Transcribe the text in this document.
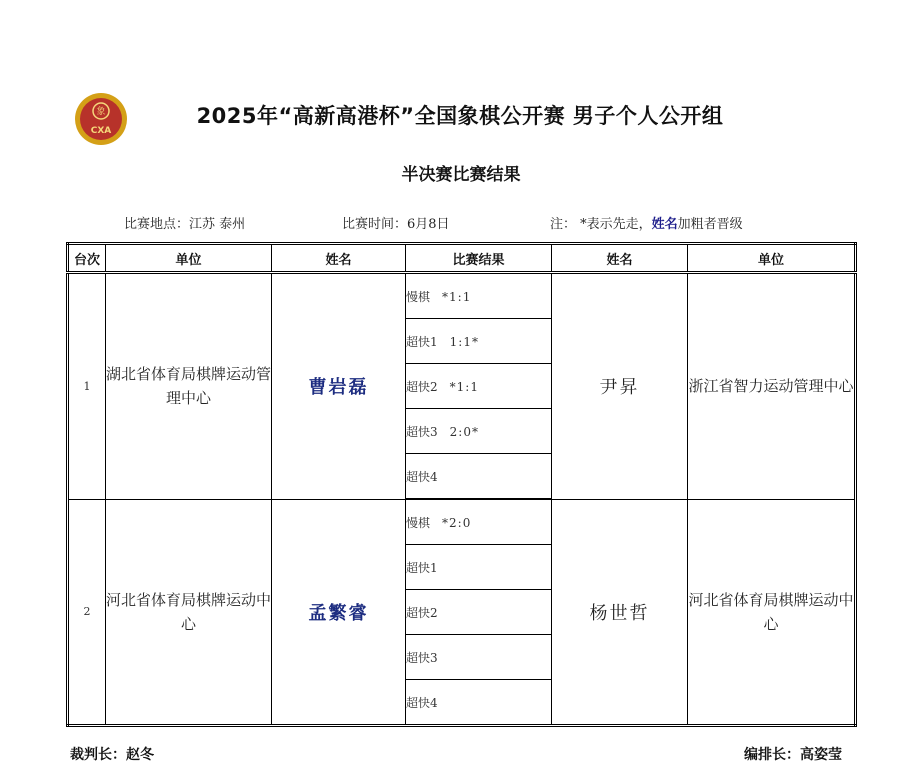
象
CXA
2025年“高新高港杯”全国象棋公开赛 男子个人公开组
半决赛比赛结果
比赛地点：江苏 泰州	比赛时间：6月8日	注： *表示先走，姓名加粗者晋级
台次	单位	姓名	比赛结果	姓名	单位
1	湖北省体育局棋牌运动管理中心	曹岩磊	慢棋 *1:1	尹昇	浙江省智力运动管理中心
			超快1 1:1*		
			超快2 *1:1		
			超快3 2:0*		
			超快4		
2	河北省体育局棋牌运动中心	孟繁睿	慢棋 *2:0	杨世哲	河北省体育局棋牌运动中心
			超快1		
			超快2		
			超快3		
			超快4		
裁判长：赵冬	编排长：高姿莹
